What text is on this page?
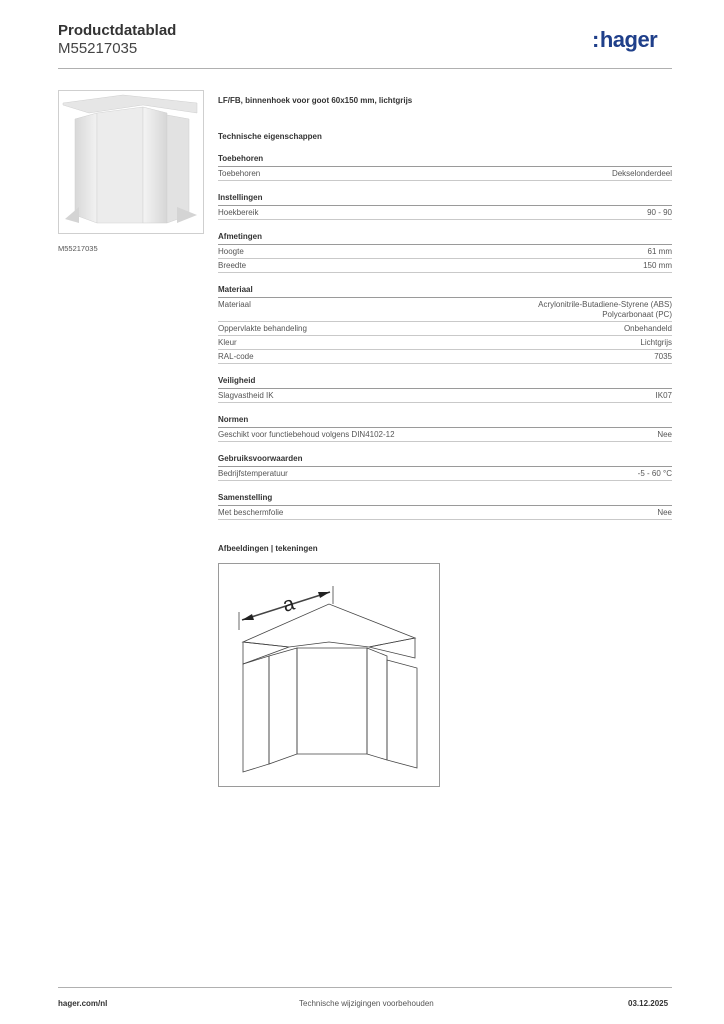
Productdatablad
M55217035	:hager
M55217035
LF/FB, binnenhoek voor goot 60x150 mm, lichtgrijs
Technische eigenschappen
Toebehoren
Toebehoren	Dekselonderdeel
Instellingen
Hoekbereik	90 - 90
Afmetingen
Hoogte	61 mm
Breedte	150 mm
Materiaal
Materiaal	Acrylonitrile-Butadiene-Styrene (ABS)
Polycarbonaat (PC)
Oppervlakte behandeling	Onbehandeld
Kleur	Lichtgrijs
RAL-code	7035
Veiligheid
Slagvastheid IK	IK07
Normen
Geschikt voor functiebehoud volgens DIN4102-12	Nee
Gebruiksvoorwaarden
Bedrijfstemperatuur	-5 - 60 °C
Samenstelling
Met beschermfolie	Nee
Afbeeldingen | tekeningen
a
hager.com/nl	Technische wijzigingen voorbehouden	03.12.2025
